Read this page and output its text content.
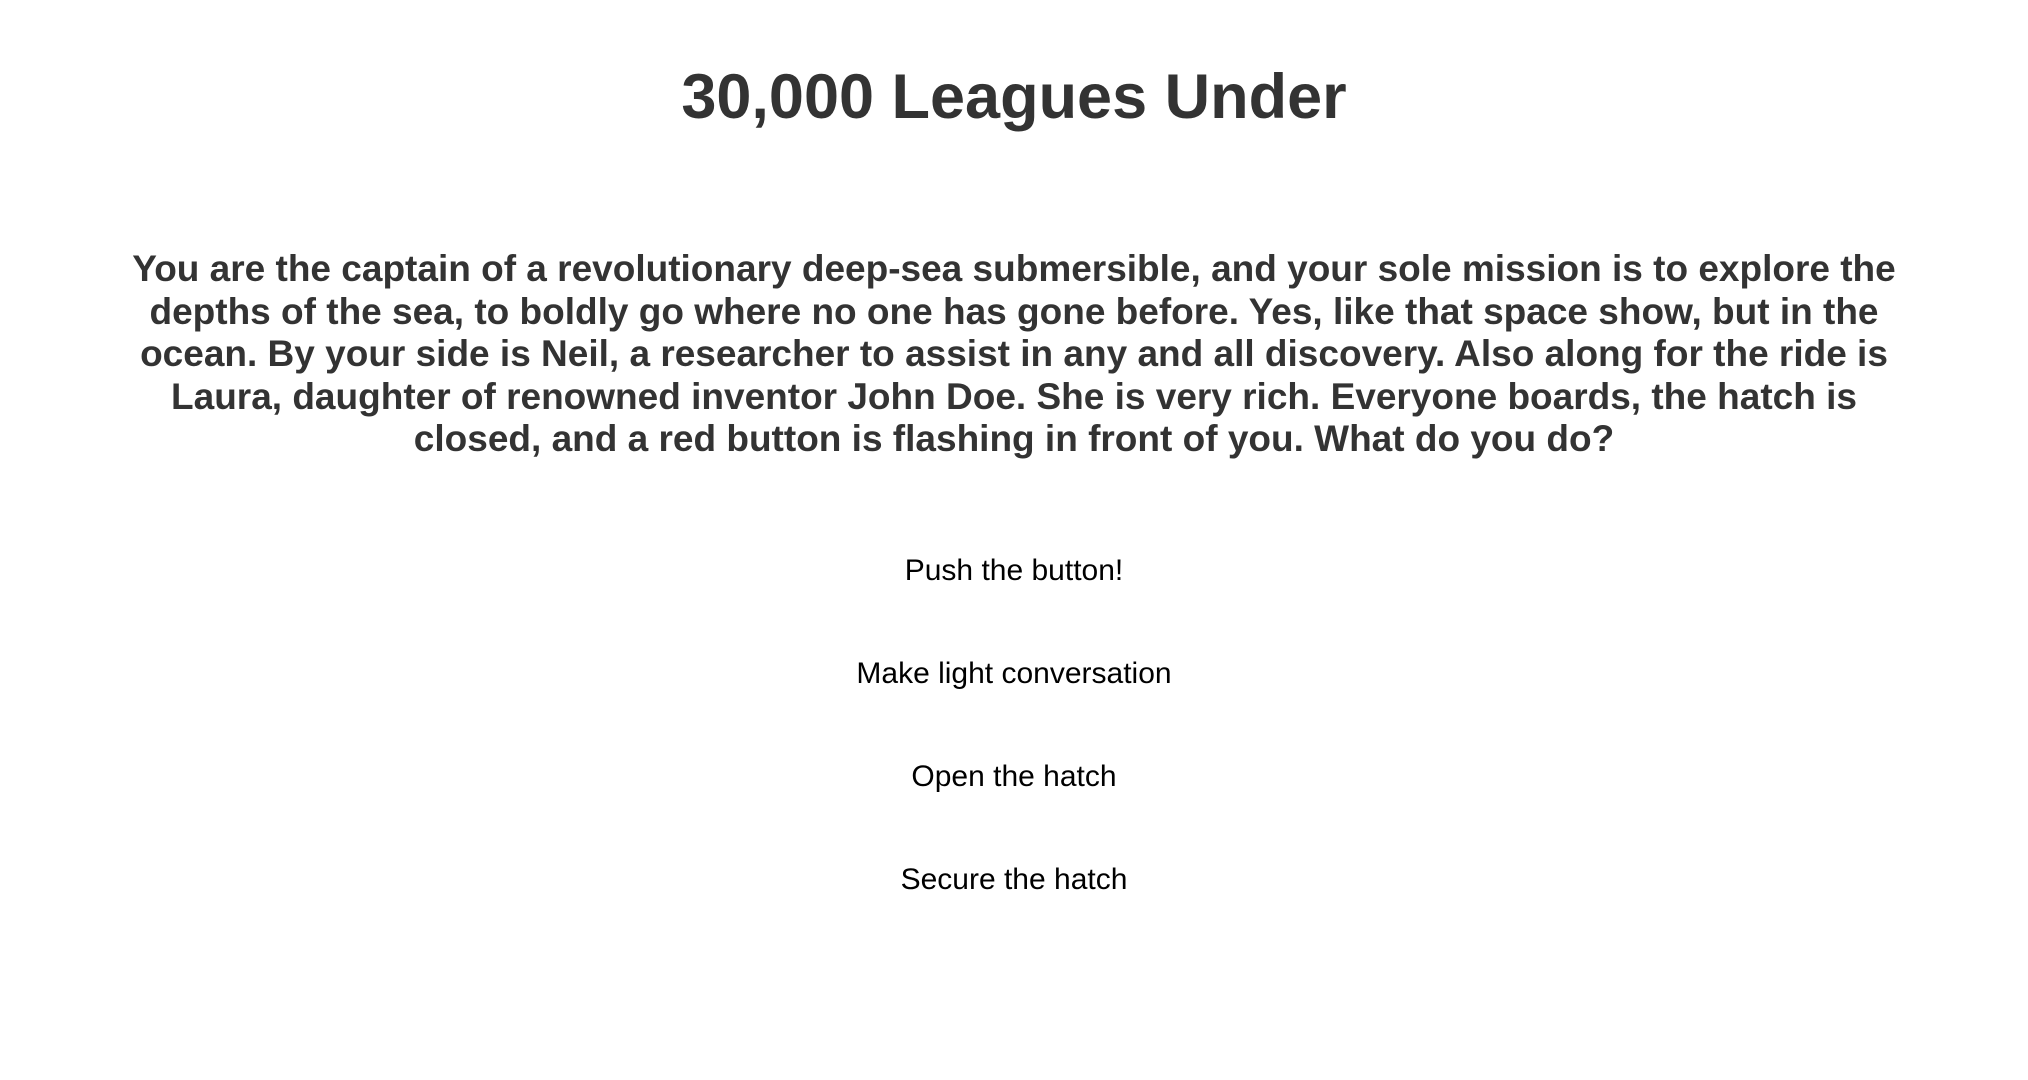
30,000 Leagues Under

You are the captain of a revolutionary deep-sea submersible, and your sole mission is to explore the depths of the sea, to boldly go where no one has gone before. Yes, like that space show, but in the ocean. By your side is Neil, a researcher to assist in any and all discovery. Also along for the ride is Laura, daughter of renowned inventor John Doe. She is very rich. Everyone boards, the hatch is closed, and a red button is flashing in front of you. What do you do?

Push the button!
Make light conversation
Open the hatch
Secure the hatch
